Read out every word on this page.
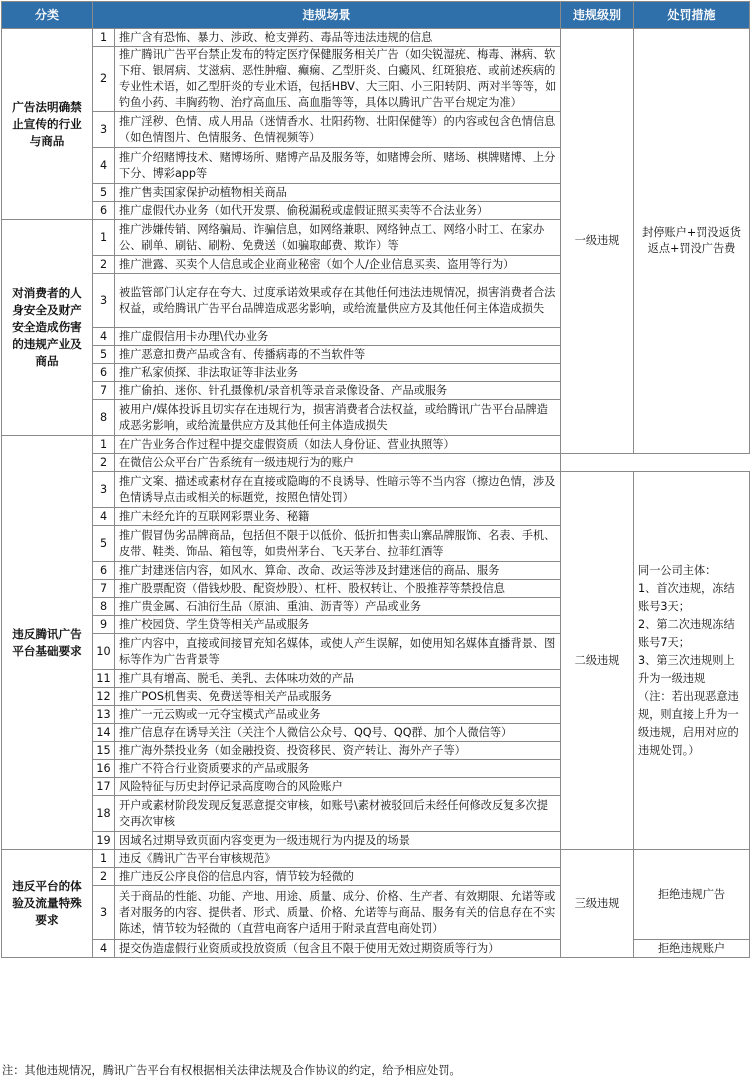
分类	违规场景		违规级别	处罚措施
广告法明确禁止宣传的行业与商品	1	推广含有恐怖、暴力、涉政、枪支弹药、毒品等违法违规的信息	一级违规	封停账户+罚没返货返点+罚没广告费
	2	推广腾讯广告平台禁止发布的特定医疗保健服务相关广告（如尖锐湿疣、梅毒、淋病、软下疳、银屑病、艾滋病、恶性肿瘤、癫痫、乙型肝炎、白癜风、红斑狼疮、或前述疾病的专业性术语，如乙型肝炎的专业术语，包括HBV、大三阳、小三阳转阴、两对半等等，如钓鱼小药、丰胸药物、治疗高血压、高血脂等等，具体以腾讯广告平台规定为准）		
	3	推广淫秽、色情、成人用品（迷情香水、壮阳药物、壮阳保健等）的内容或包含色情信息（如色情图片、色情服务、色情视频等）		
	4	推广介绍赌博技术、赌博场所、赌博产品及服务等，如赌博会所、赌场、棋牌赌博、上分下分、博彩app等		
	5	推广售卖国家保护动植物相关商品		
	6	推广虚假代办业务（如代开发票、偷税漏税或虚假证照买卖等不合法业务）		
对消费者的人身安全及财产安全造成伤害的违规产业及商品	1	推广涉嫌传销、网络骗局、诈骗信息，如网络兼职、网络钟点工、网络小时工、在家办公、刷单、刷钻、刷粉、免费送（如骗取邮费、欺诈）等		
	2	推广泄露、买卖个人信息或企业商业秘密（如个人/企业信息买卖、盗用等行为）		
	3	被监管部门认定存在夸大、过度承诺效果或存在其他任何违法违规情况，损害消费者合法权益，或给腾讯广告平台品牌造成恶劣影响，或给流量供应方及其他任何主体造成损失		
	4	推广虚假信用卡办理\代办业务		
	5	推广恶意扣费产品或含有、传播病毒的不当软件等		
	6	推广私家侦探、非法取证等非法业务		
	7	推广偷拍、迷你、针孔摄像机/录音机等录音录像设备、产品或服务		
	8	被用户/媒体投诉且切实存在违规行为，损害消费者合法权益，或给腾讯广告平台品牌造成恶劣影响，或给流量供应方及其他任何主体造成损失		
违反腾讯广告平台基础要求	1	在广告业务合作过程中提交虚假资质（如法人身份证、营业执照等）		
	2	在微信公众平台广告系统有一级违规行为的账户		
	3	推广文案、描述或素材存在直接或隐晦的不良诱导、性暗示等不当内容（擦边色情，涉及色情诱导点击或相关的标题党，按照色情处罚）	二级违规	同一公司主体：
1、首次违规，冻结账号3天；
2、第二次违规冻结账号7天；
3、第三次违规则上升为一级违规
（注：若出现恶意违规，则直接上升为一级违规，启用对应的违规处罚。）
	4	推广未经允许的互联网彩票业务、秘籍		
	5	推广假冒伪劣品牌商品，包括但不限于以低价、低折扣售卖山寨品牌服饰、名表、手机、皮带、鞋类、饰品、箱包等，如贵州茅台、飞天茅台、拉菲红酒等		
	6	推广封建迷信内容，如风水、算命、改命、改运等涉及封建迷信的商品、服务		
	7	推广股票配资（借钱炒股、配资炒股）、杠杆、股权转让、个股推荐等禁投信息		
	8	推广贵金属、石油衍生品（原油、重油、沥青等）产品或业务		
	9	推广校园贷、学生贷等相关产品或服务		
	10	推广内容中，直接或间接冒充知名媒体，或使人产生误解，如使用知名媒体直播背景、图标等作为广告背景等		
	11	推广具有增高、脱毛、美乳、去体味功效的产品		
	12	推广POS机售卖、免费送等相关产品或服务		
	13	推广一元云购或一元夺宝模式产品或业务		
	14	推广信息存在诱导关注（关注个人微信公众号、QQ号、QQ群、加个人微信等）		
	15	推广海外禁投业务（如金融投资、投资移民、资产转让、海外产子等）		
	16	推广不符合行业资质要求的产品或服务		
	17	风险特征与历史封停记录高度吻合的风险账户		
	18	开户或素材阶段发现反复恶意提交审核，如账号\素材被驳回后未经任何修改反复多次提交再次审核		
	19	因域名过期导致页面内容变更为一级违规行为内提及的场景		
违反平台的体验及流量特殊要求	1	违反《腾讯广告平台审核规范》	三级违规	拒绝违规广告
	2	推广违反公序良俗的信息内容，情节较为轻微的		
	3	关于商品的性能、功能、产地、用途、质量、成分、价格、生产者、有效期限、允诺等或者对服务的内容、提供者、形式、质量、价格、允诺等与商品、服务有关的信息存在不实陈述，情节较为轻微的（直营电商客户适用于附录直营电商处罚）		
	4	提交伪造虚假行业资质或投放资质（包含且不限于使用无效过期资质等行为）		拒绝违规账户
注：其他违规情况，腾讯广告平台有权根据相关法律法规及合作协议的约定，给予相应处罚。
